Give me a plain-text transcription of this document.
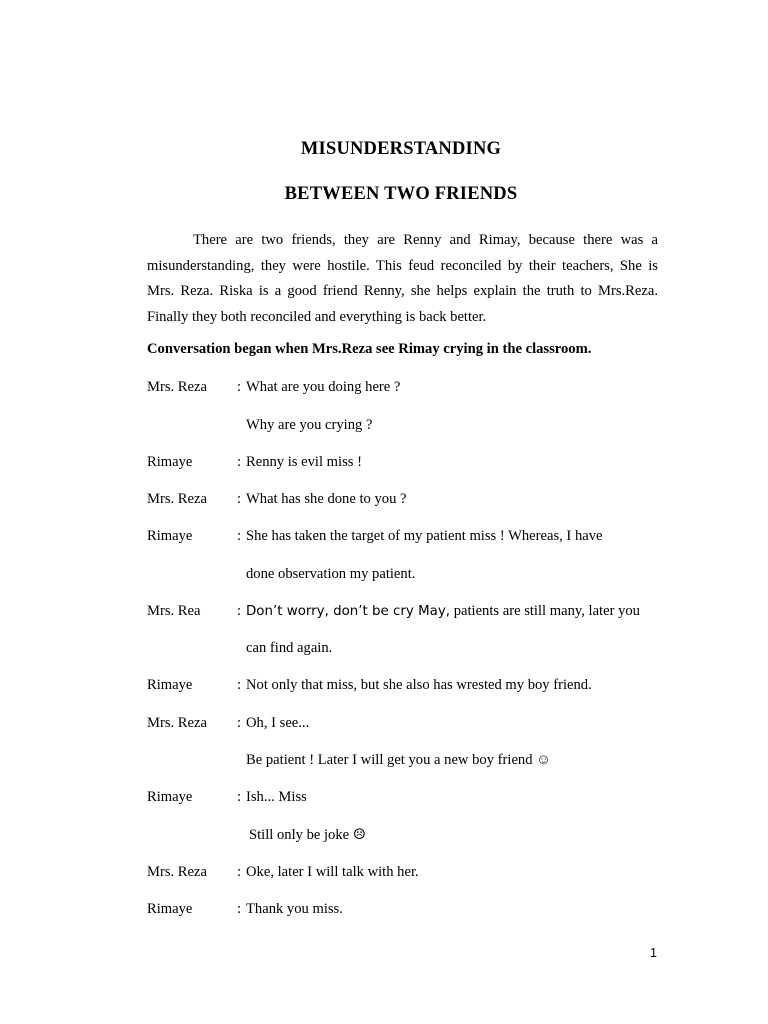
MISUNDERSTANDING
BETWEEN TWO FRIENDS

There are two friends, they are Renny and Rimay, because there was a misunderstanding, they were hostile. This feud reconciled by their teachers, She is Mrs. Reza. Riska is a good friend Renny, she helps explain the truth to Mrs.Reza. Finally they both reconciled and everything is back better.

Conversation began when Mrs.Reza see Rimay crying in the classroom.

Mrs. Reza : What are you doing here ?
Why are you crying ?
Rimaye	: Renny is evil miss !
Mrs. Reza : What has she done to you ?
Rimaye	: She has taken the target of my patient miss ! Whereas, I have
done observation my patient.
Mrs. Rea : Don’t worry, don’t be cry May, patients are still many, later you
can find again.
Rimaye	: Not only that miss, but she also has wrested my boy friend.
Mrs. Reza : Oh, I see...
Be patient ! Later I will get you a new boy friend ☺
Rimaye	: Ish... Miss
Still only be joke ☹
Mrs. Reza : Oke, later I will talk with her.
Rimaye	: Thank you miss.
1
